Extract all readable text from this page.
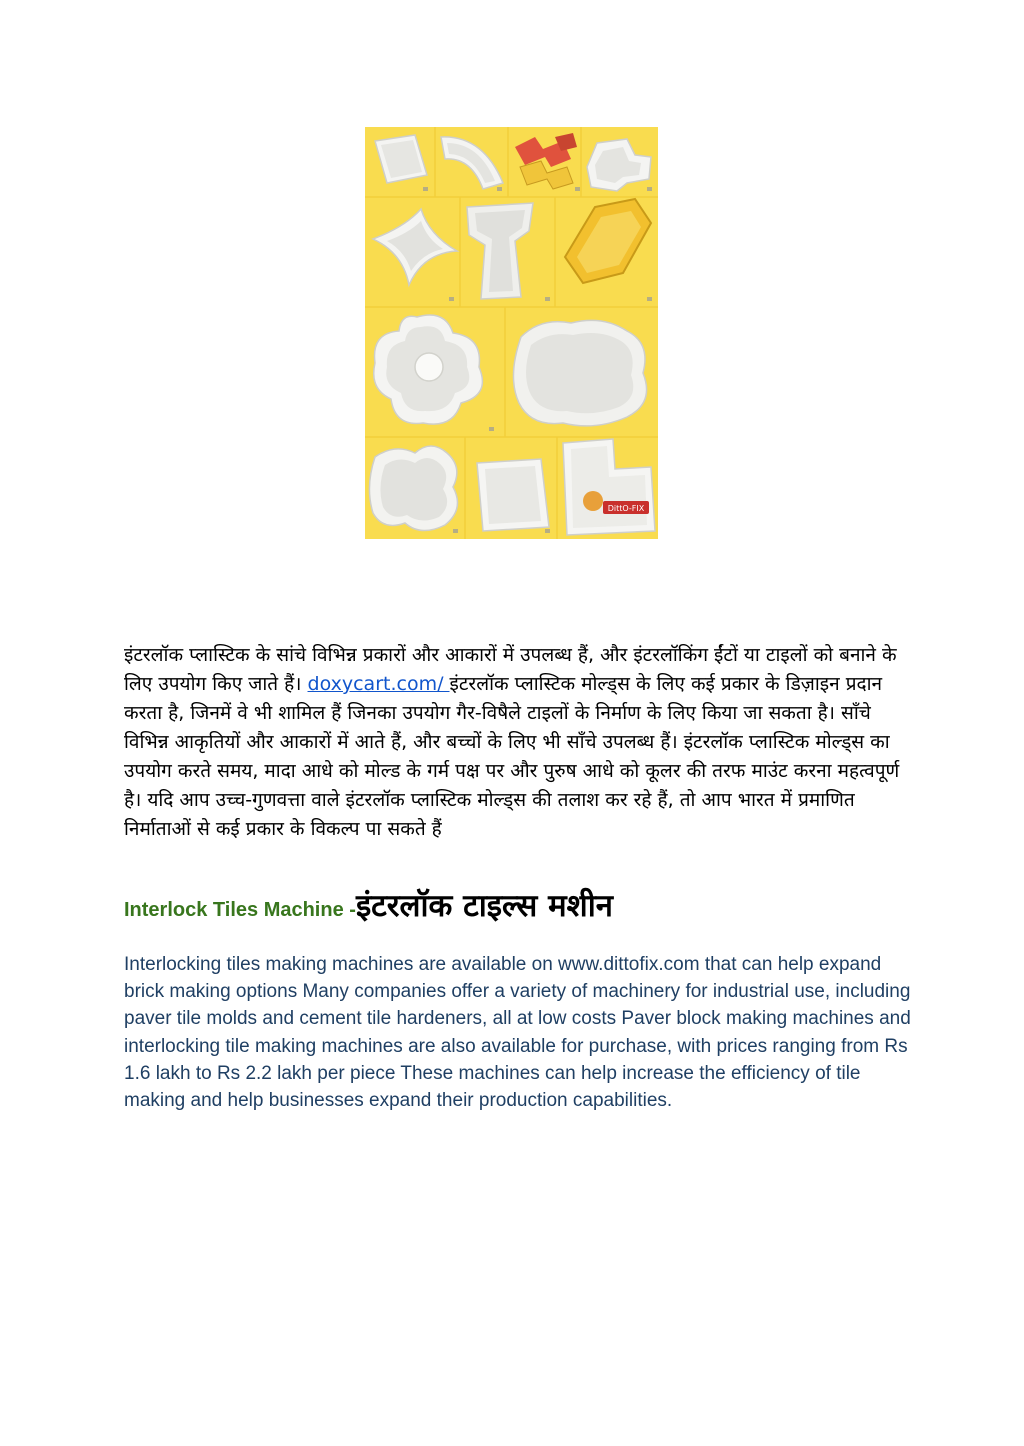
DittO-FIX

इंटरलॉक प्लास्टिक के सांचे विभिन्न प्रकारों और आकारों में उपलब्ध हैं, और इंटरलॉकिंग ईंटों या टाइलों को बनाने के लिए उपयोग किए जाते हैं। doxycart.com/ इंटरलॉक प्लास्टिक मोल्ड्स के लिए कई प्रकार के डिज़ाइन प्रदान करता है, जिनमें वे भी शामिल हैं जिनका उपयोग गैर-विषैले टाइलों के निर्माण के लिए किया जा सकता है। साँचे विभिन्न आकृतियों और आकारों में आते हैं, और बच्चों के लिए भी साँचे उपलब्ध हैं। इंटरलॉक प्लास्टिक मोल्ड्स का उपयोग करते समय, मादा आधे को मोल्ड के गर्म पक्ष पर और पुरुष आधे को कूलर की तरफ माउंट करना महत्वपूर्ण है। यदि आप उच्च-गुणवत्ता वाले इंटरलॉक प्लास्टिक मोल्ड्स की तलाश कर रहे हैं, तो आप भारत में प्रमाणित निर्माताओं से कई प्रकार के विकल्प पा सकते हैं

Interlock Tiles Machine -इंटरलॉक टाइल्स मशीन

Interlocking tiles making machines are available on www.dittofix.com that can help expand brick making options Many companies offer a variety of machinery for industrial use, including paver tile molds and cement tile hardeners, all at low costs Paver block making machines and interlocking tile making machines are also available for purchase, with prices ranging from Rs 1.6 lakh to Rs 2.2 lakh per piece These machines can help increase the efficiency of tile making and help businesses expand their production capabilities.
